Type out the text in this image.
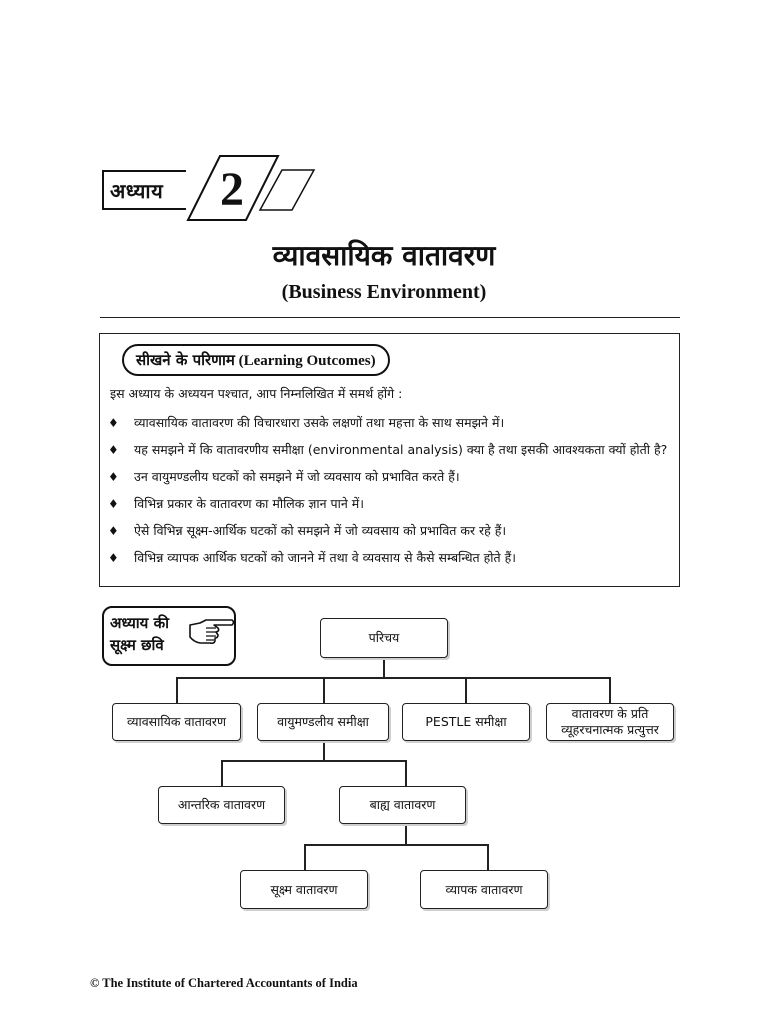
अध्याय	2
व्यावसायिक वातावरण
(Business Environment)
सीखने के परिणाम (Learning Outcomes)
इस अध्याय के अध्ययन पश्चात, आप निम्नलिखित में समर्थ होंगे :
♦ व्यावसायिक वातावरण की विचारधारा उसके लक्षणों तथा महत्ता के साथ समझने में।
♦ यह समझने में कि वातावरणीय समीक्षा (environmental analysis) क्या है तथा इसकी आवश्यकता क्यों होती है?
♦ उन वायुमण्डलीय घटकों को समझने में जो व्यवसाय को प्रभावित करते हैं।
♦ विभिन्न प्रकार के वातावरण का मौलिक ज्ञान पाने में।
♦ ऐसे विभिन्न सूक्ष्म-आर्थिक घटकों को समझने में जो व्यवसाय को प्रभावित कर रहे हैं।
♦ विभिन्न व्यापक आर्थिक घटकों को जानने में तथा वे व्यवसाय से कैसे सम्बन्धित होते हैं।
अध्याय की
सूक्ष्म छवि	परिचय
व्यावसायिक वातावरण	वायुमण्डलीय समीक्षा	PESTLE समीक्षा
वातावरण के प्रति व्यूहरचनात्मक प्रत्युत्तर
आन्तरिक वातावरण	बाह्य वातावरण
सूक्ष्म वातावरण	व्यापक वातावरण
© The Institute of Chartered Accountants of India
